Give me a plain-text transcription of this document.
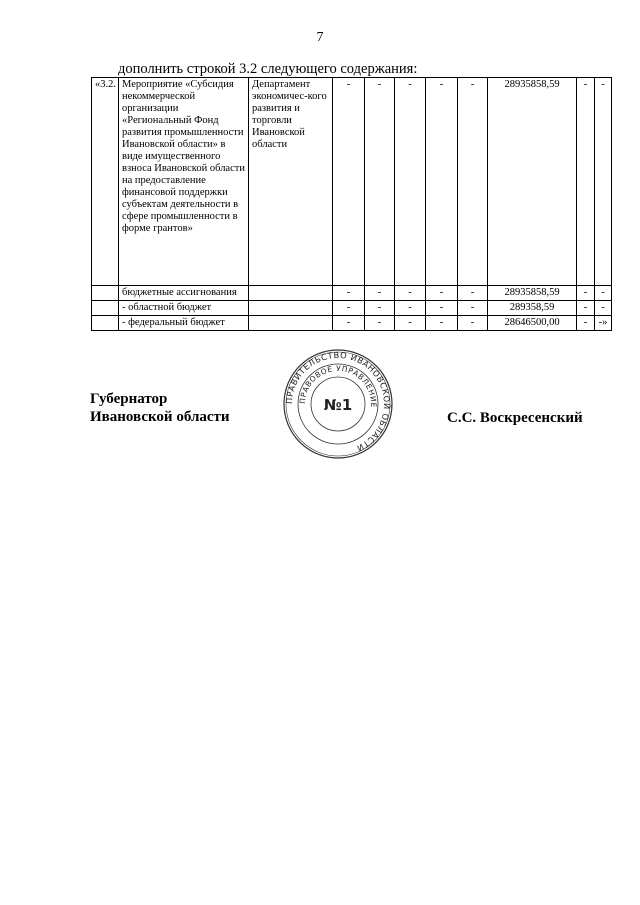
7
дополнить строкой 3.2 следующего содержания:
«3.2.	Мероприятие «Субсидия некоммерческой организации «Региональный Фонд развития промышленности Ивановской области» в виде имущественного взноса Ивановской области на предоставление финансовой поддержки субъектам деятельности в сфере промышленности в форме грантов»	Департамент экономичес-кого развития и торговли Ивановской области	-	-	-	-	-	28935858,59	-	-
	бюджетные ассигнования		-	-	-	-	-	28935858,59	-	-
	- областной бюджет		-	-	-	-	-	289358,59	-	-
	- федеральный бюджет		-	-	-	-	-	28646500,00	-	-»
Губернатор
Ивановской области
ПРАВИТЕЛЬСТВО ИВАНОВСКОЙ ОБЛАСТИ
ПРАВОВОЕ УПРАВЛЕНИЕ
№1
С.С. Воскресенский
